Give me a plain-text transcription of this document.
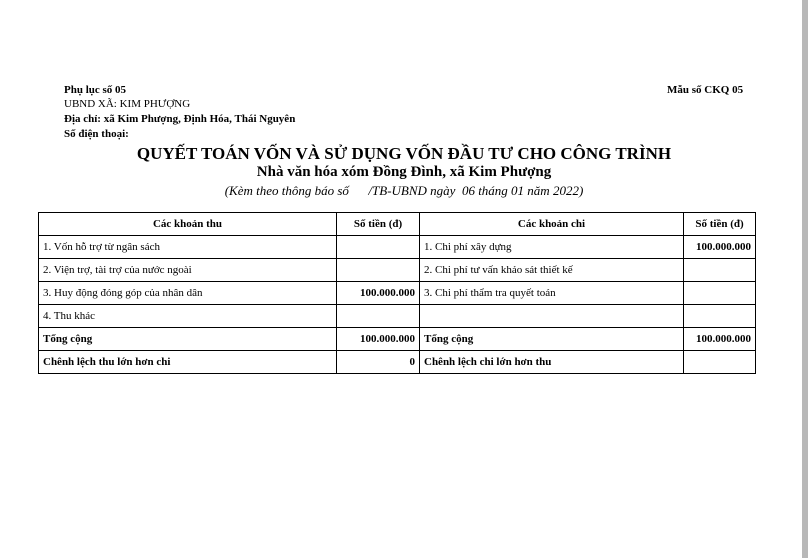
Phụ lục số 05
UBND XÃ: KIM PHƯỢNG
Địa chỉ: xã Kim Phượng, Định Hóa, Thái Nguyên
Số điện thoại:
Mẫu số CKQ 05
QUYẾT TOÁN VỐN VÀ SỬ DỤNG VỐN ĐẦU TƯ CHO CÔNG TRÌNH
Nhà văn hóa xóm Đồng Đình, xã Kim Phượng
(Kèm theo thông báo số      /TB-UBND ngày  06 tháng 01 năm 2022)
Các khoản thu	Số tiền (đ)	Các khoản chi	Số tiền (đ)
1. Vốn hỗ trợ từ ngân sách		1. Chi phí xây dựng	100.000.000
2. Viện trợ, tài trợ của nước ngoài		2. Chi phí tư vấn khảo sát thiết kế	
3. Huy động đóng góp của nhân dân	100.000.000	3. Chi phí thẩm tra quyết toán	
4. Thu khác			
Tổng cộng	100.000.000	Tổng cộng	100.000.000
Chênh lệch thu lớn hơn chi	0	Chênh lệch chi lớn hơn thu	
